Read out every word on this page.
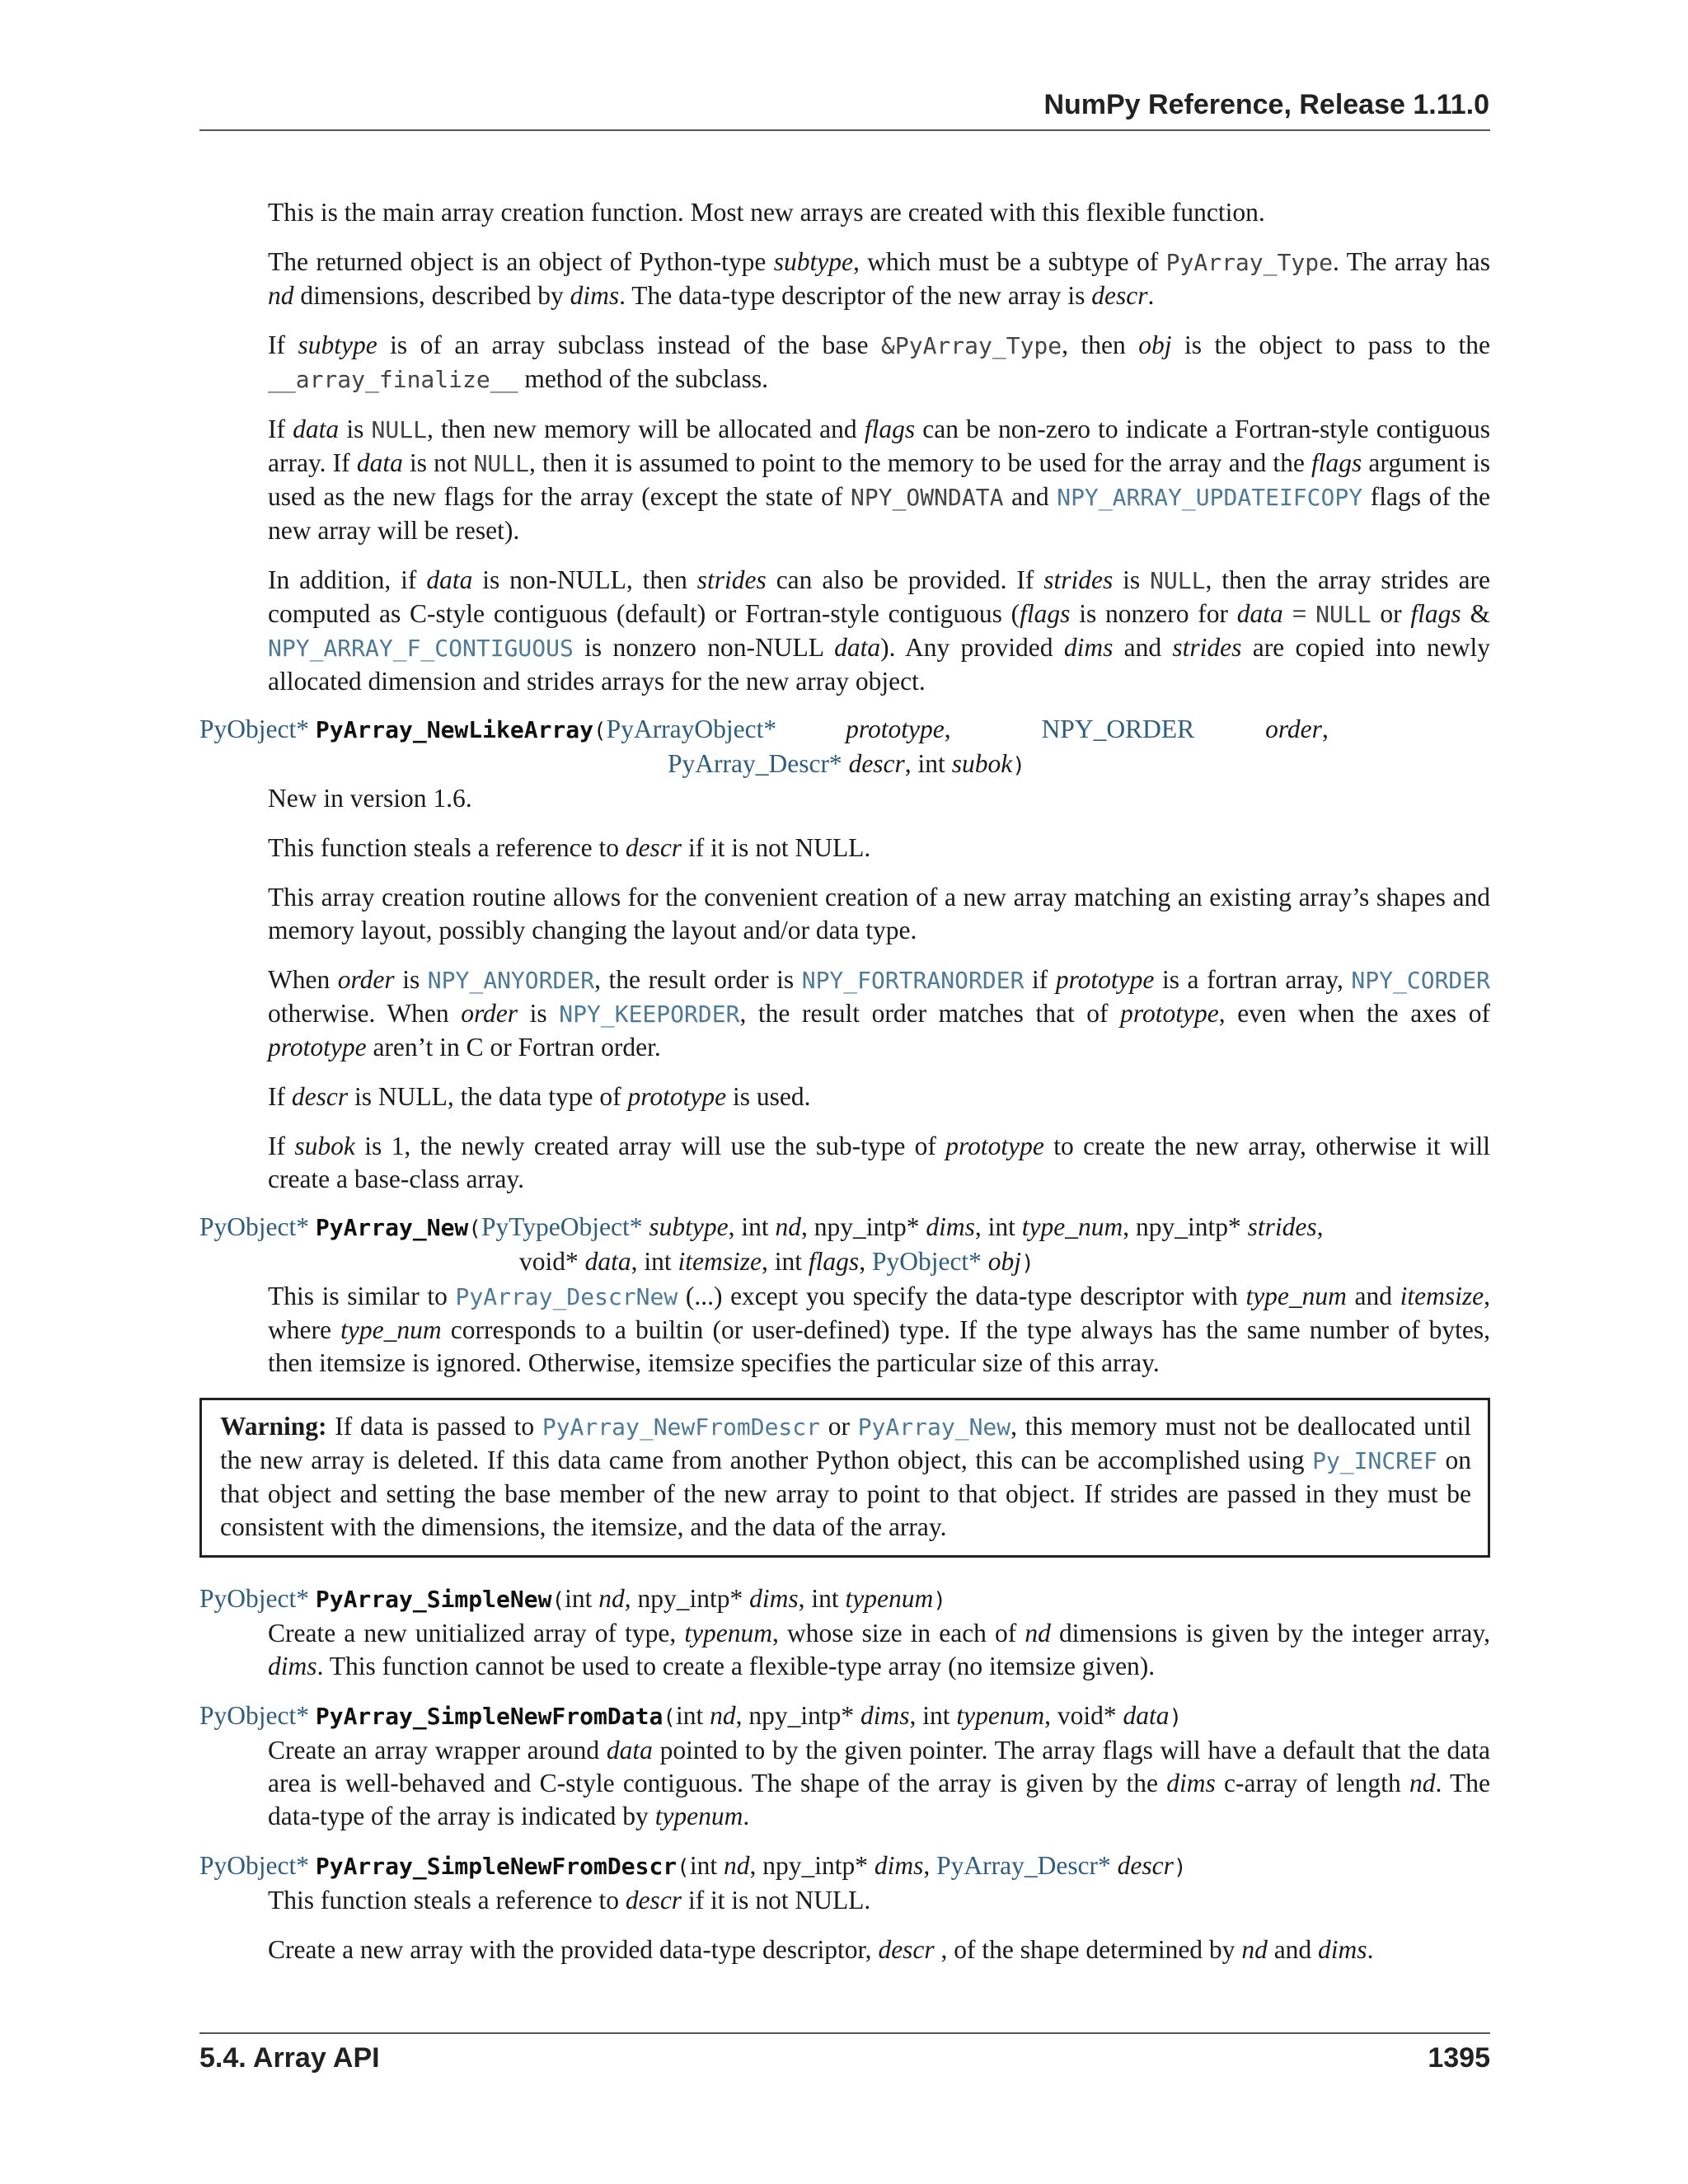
NumPy Reference, Release 1.11.0

This is the main array creation function. Most new arrays are created with this flexible function.

The returned object is an object of Python-type subtype, which must be a subtype of PyArray_Type. The array has nd dimensions, described by dims. The data-type descriptor of the new array is descr.

If subtype is of an array subclass instead of the base &PyArray_Type, then obj is the object to pass to the __array_finalize__ method of the subclass.

If data is NULL, then new memory will be allocated and flags can be non-zero to indicate a Fortran-style contiguous array. If data is not NULL, then it is assumed to point to the memory to be used for the array and the flags argument is used as the new flags for the array (except the state of NPY_OWNDATA and NPY_ARRAY_UPDATEIFCOPY flags of the new array will be reset).

In addition, if data is non-NULL, then strides can also be provided. If strides is NULL, then the array strides are computed as C-style contiguous (default) or Fortran-style contiguous (flags is nonzero for data = NULL or flags & NPY_ARRAY_F_CONTIGUOUS is nonzero non-NULL data). Any provided dims and strides are copied into newly allocated dimension and strides arrays for the new array object.

PyObject* PyArray_NewLikeArray(PyArrayObject*	prototype,	NPY_ORDER	order,
PyArray_Descr* descr, int subok)

New in version 1.6.

This function steals a reference to descr if it is not NULL.

This array creation routine allows for the convenient creation of a new array matching an existing array’s shapes and memory layout, possibly changing the layout and/or data type.

When order is NPY_ANYORDER, the result order is NPY_FORTRANORDER if prototype is a fortran array, NPY_CORDER otherwise. When order is NPY_KEEPORDER, the result order matches that of prototype, even when the axes of prototype aren’t in C or Fortran order.

If descr is NULL, the data type of prototype is used.

If subok is 1, the newly created array will use the sub-type of prototype to create the new array, otherwise it will create a base-class array.

PyObject* PyArray_New(PyTypeObject* subtype, int nd, npy_intp* dims, int type_num, npy_intp* strides,
void* data, int itemsize, int flags, PyObject* obj)

This is similar to PyArray_DescrNew (...) except you specify the data-type descriptor with type_num and itemsize, where type_num corresponds to a builtin (or user-defined) type. If the type always has the same number of bytes, then itemsize is ignored. Otherwise, itemsize specifies the particular size of this array.

Warning: If data is passed to PyArray_NewFromDescr or PyArray_New, this memory must not be deallocated until the new array is deleted. If this data came from another Python object, this can be accomplished using Py_INCREF on that object and setting the base member of the new array to point to that object. If strides are passed in they must be consistent with the dimensions, the itemsize, and the data of the array.
PyObject* PyArray_SimpleNew(int nd, npy_intp* dims, int typenum)

Create a new unitialized array of type, typenum, whose size in each of nd dimensions is given by the integer array, dims. This function cannot be used to create a flexible-type array (no itemsize given).

PyObject* PyArray_SimpleNewFromData(int nd, npy_intp* dims, int typenum, void* data)

Create an array wrapper around data pointed to by the given pointer. The array flags will have a default that the data area is well-behaved and C-style contiguous. The shape of the array is given by the dims c-array of length nd. The data-type of the array is indicated by typenum.

PyObject* PyArray_SimpleNewFromDescr(int nd, npy_intp* dims, PyArray_Descr* descr)

This function steals a reference to descr if it is not NULL.

Create a new array with the provided data-type descriptor, descr , of the shape determined by nd and dims.

5.4. Array API	1395
